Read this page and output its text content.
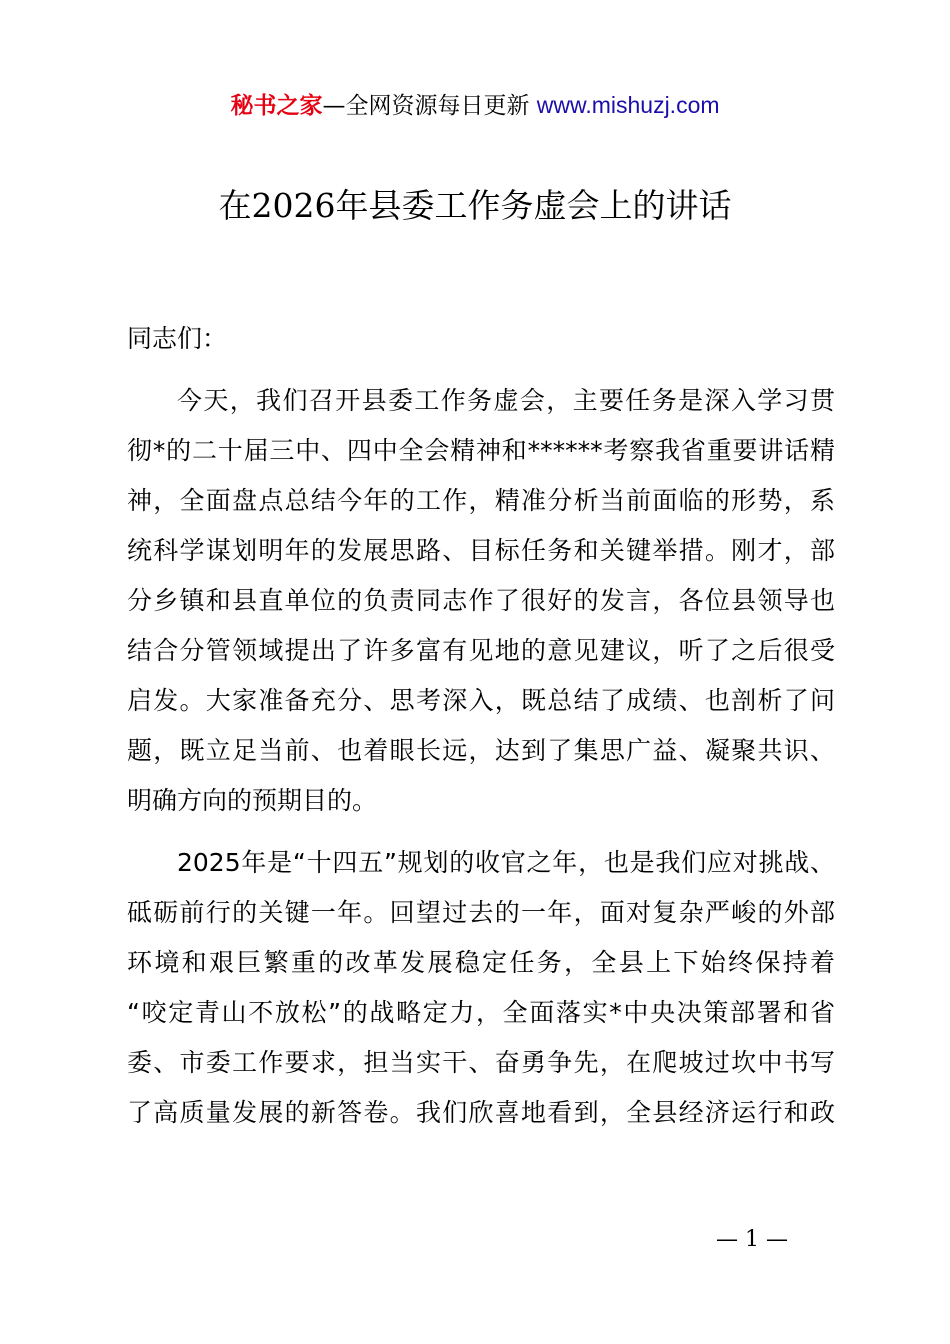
秘书之家—全网资源每日更新 www.mishuzj.com
在2026年县委工作务虚会上的讲话
同志们：
今天，我们召开县委工作务虚会，主要任务是深入学习贯
彻*的二十届三中、四中全会精神和******考察我省重要讲话精
神，全面盘点总结今年的工作，精准分析当前面临的形势，系
统科学谋划明年的发展思路、目标任务和关键举措。刚才，部
分乡镇和县直单位的负责同志作了很好的发言，各位县领导也
结合分管领域提出了许多富有见地的意见建议，听了之后很受
启发。大家准备充分、思考深入，既总结了成绩、也剖析了问
题，既立足当前、也着眼长远，达到了集思广益、凝聚共识、
明确方向的预期目的。
2025年是“十四五”规划的收官之年，也是我们应对挑战、
砥砺前行的关键一年。回望过去的一年，面对复杂严峻的外部
环境和艰巨繁重的改革发展稳定任务，全县上下始终保持着
“咬定青山不放松”的战略定力，全面落实*中央决策部署和省
委、市委工作要求，担当实干、奋勇争先，在爬坡过坎中书写
了高质量发展的新答卷。我们欣喜地看到，全县经济运行和政
— 1 —
